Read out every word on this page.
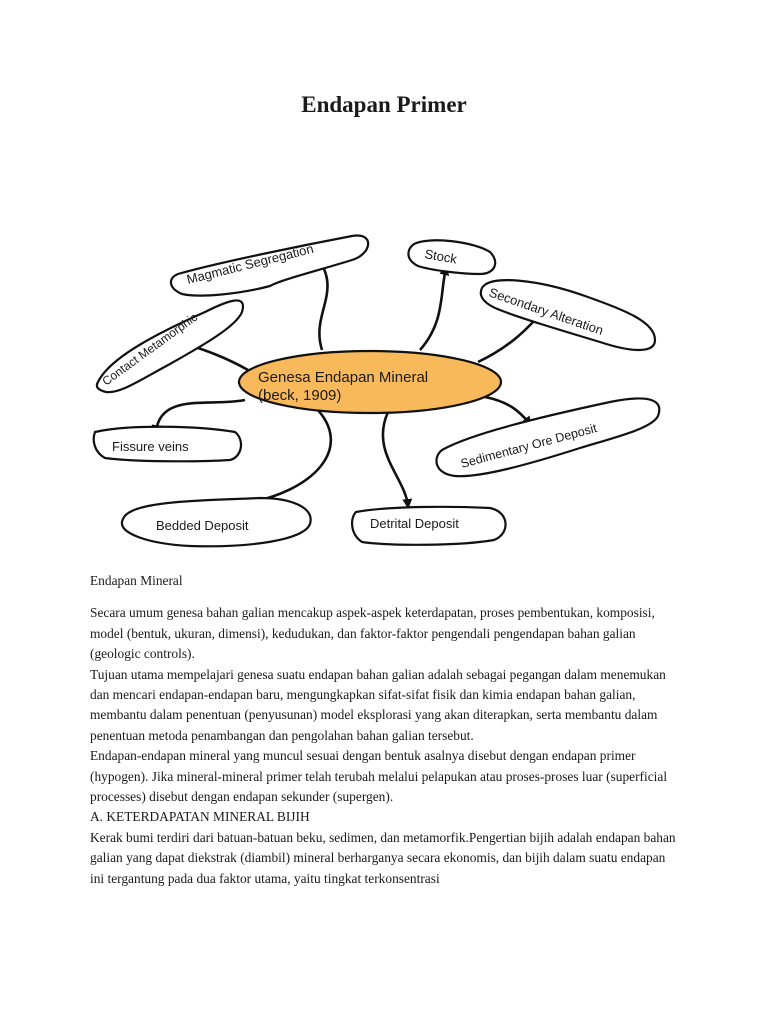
Endapan Primer
Genesa Endapan Mineral
(beck, 1909)
Magmatic Segregation	Stock
Secondary Alteration
Contact Metamorphic
Fissure veins	Sedimentary Ore Deposit
Bedded Deposit	Detrital Deposit

Endapan Mineral

Secara umum genesa bahan galian mencakup aspek-aspek keterdapatan, proses pembentukan, komposisi, model (bentuk, ukuran, dimensi), kedudukan, dan faktor-faktor pengendali pengendapan bahan galian (geologic controls).

Tujuan utama mempelajari genesa suatu endapan bahan galian adalah sebagai pegangan dalam menemukan dan mencari endapan-endapan baru, mengungkapkan sifat-sifat fisik dan kimia endapan bahan galian, membantu dalam penentuan (penyusunan) model eksplorasi yang akan diterapkan, serta membantu dalam penentuan metoda penambangan dan pengolahan bahan galian tersebut.

Endapan-endapan mineral yang muncul sesuai dengan bentuk asalnya disebut dengan endapan primer (hypogen). Jika mineral-mineral primer telah terubah melalui pelapukan atau proses-proses luar (superficial processes) disebut dengan endapan sekunder (supergen).

A. KETERDAPATAN MINERAL BIJIH

Kerak bumi terdiri dari batuan-batuan beku, sedimen, dan metamorfik.Pengertian bijih adalah endapan bahan galian yang dapat diekstrak (diambil) mineral berharganya secara ekonomis, dan bijih dalam suatu endapan ini tergantung pada dua faktor utama, yaitu tingkat terkonsentrasi
